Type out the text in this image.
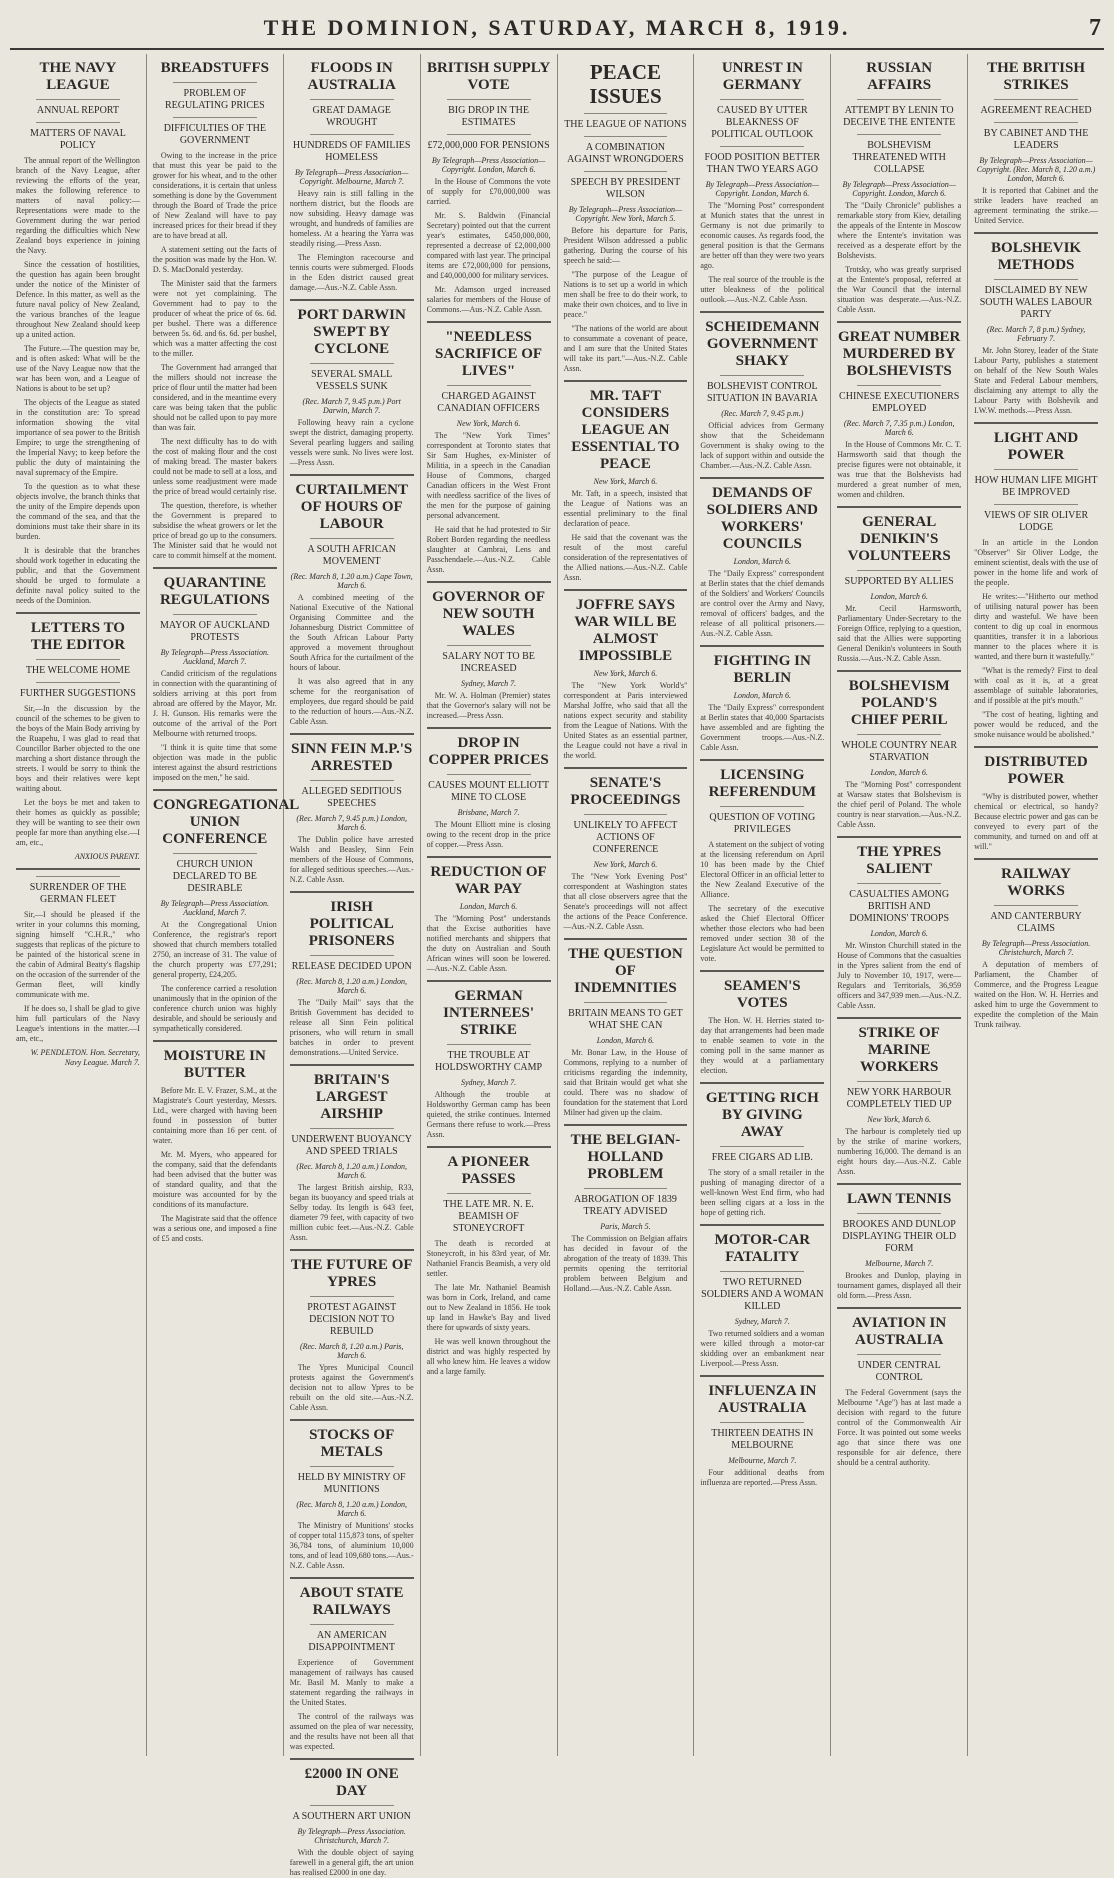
THE DOMINION, SATURDAY, MARCH 8, 1919.	7
THE NAVY LEAGUE
ANNUAL REPORT
MATTERS OF NAVAL POLICY

The annual report of the Wellington branch of the Navy League, after reviewing the efforts of the year, makes the following reference to matters of naval policy:—Representations were made to the Government during the war period regarding the difficulties which New Zealand boys experience in joining the Navy.

Since the cessation of hostilities, the question has again been brought under the notice of the Minister of Defence. In this matter, as well as the future naval policy of New Zealand, the various branches of the league throughout New Zealand should keep up a united action.

The Future.—The question may be, and is often asked: What will be the use of the Navy League now that the war has been won, and a League of Nations is about to be set up?

The objects of the League as stated in the constitution are: To spread information showing the vital importance of sea power to the British Empire; to urge the strengthening of the Imperial Navy; to keep before the public the duty of maintaining the naval supremacy of the Empire.

To the question as to what these objects involve, the branch thinks that the unity of the Empire depends upon the command of the sea, and that the dominions must take their share in its burden.

It is desirable that the branches should work together in educating the public, and that the Government should be urged to formulate a definite naval policy suited to the needs of the Dominion.

LETTERS TO THE EDITOR
THE WELCOME HOME
FURTHER SUGGESTIONS

Sir,—In the discussion by the council of the schemes to be given to the boys of the Main Body arriving by the Ruapehu, I was glad to read that Councillor Barber objected to the one marching a short distance through the streets. I would be sorry to think the boys and their relatives were kept waiting about.

Let the boys be met and taken to their homes as quickly as possible; they will be wanting to see their own people far more than anything else.—I am, etc.,

ANXIOUS PARENT.
SURRENDER OF THE GERMAN FLEET

Sir,—I should be pleased if the writer in your columns this morning, signing himself "C.H.R.," who suggests that replicas of the picture to be painted of the historical scene in the cabin of Admiral Beatty's flagship on the occasion of the surrender of the German fleet, will kindly communicate with me.

If he does so, I shall be glad to give him full particulars of the Navy League's intentions in the matter.—I am, etc.,

W. PENDLETON. Hon. Secretary, Navy League. March 7.
BREADSTUFFS
PROBLEM OF REGULATING PRICES
DIFFICULTIES OF THE GOVERNMENT

Owing to the increase in the price that must this year be paid to the grower for his wheat, and to the other considerations, it is certain that unless something is done by the Government through the Board of Trade the price of New Zealand will have to pay increased prices for their bread if they are to have bread at all.

A statement setting out the facts of the position was made by the Hon. W. D. S. MacDonald yesterday.

The Minister said that the farmers were not yet complaining. The Government had to pay to the producer of wheat the price of 6s. 6d. per bushel. There was a difference between 5s. 6d. and 6s. 6d. per bushel, which was a matter affecting the cost to the miller.

The Government had arranged that the millers should not increase the price of flour until the matter had been considered, and in the meantime every care was being taken that the public should not be called upon to pay more than was fair.

The next difficulty has to do with the cost of making flour and the cost of making bread. The master bakers could not be made to sell at a loss, and unless some readjustment were made the price of bread would certainly rise.

The question, therefore, is whether the Government is prepared to subsidise the wheat growers or let the price of bread go up to the consumers. The Minister said that he would not care to commit himself at the moment.

QUARANTINE REGULATIONS
MAYOR OF AUCKLAND PROTESTS
By Telegraph—Press Association. Auckland, March 7.

Candid criticism of the regulations in connection with the quarantining of soldiers arriving at this port from abroad are offered by the Mayor, Mr. J. H. Gunson. His remarks were the outcome of the arrival of the Port Melbourne with returned troops.

"I think it is quite time that some objection was made in the public interest against the absurd restrictions imposed on the men," he said.

CONGREGATIONAL UNION CONFERENCE
CHURCH UNION DECLARED TO BE DESIRABLE
By Telegraph—Press Association. Auckland, March 7.

At the Congregational Union Conference, the registrar's report showed that church members totalled 2750, an increase of 31. The value of the church property was £77,291; general property, £24,205.

The conference carried a resolution unanimously that in the opinion of the conference church union was highly desirable, and should be seriously and sympathetically considered.

MOISTURE IN BUTTER

Before Mr. E. V. Frazer, S.M., at the Magistrate's Court yesterday, Messrs. Ltd., were charged with having been found in possession of butter containing more than 16 per cent. of water.

Mr. M. Myers, who appeared for the company, said that the defendants had been advised that the butter was of standard quality, and that the moisture was accounted for by the conditions of its manufacture.

The Magistrate said that the offence was a serious one, and imposed a fine of £5 and costs.

FLOODS IN AUSTRALIA
GREAT DAMAGE WROUGHT
HUNDREDS OF FAMILIES HOMELESS
By Telegraph—Press Association—Copyright. Melbourne, March 7.

Heavy rain is still falling in the northern district, but the floods are now subsiding. Heavy damage was wrought, and hundreds of families are homeless. At a hearing the Yarra was steadily rising.—Press Assn.

The Flemington racecourse and tennis courts were submerged. Floods in the Eden district caused great damage.—Aus.-N.Z. Cable Assn.

PORT DARWIN SWEPT BY CYCLONE
SEVERAL SMALL VESSELS SUNK
(Rec. March 7, 9.45 p.m.) Port Darwin, March 7.

Following heavy rain a cyclone swept the district, damaging property. Several pearling luggers and sailing vessels were sunk. No lives were lost.—Press Assn.

CURTAILMENT OF HOURS OF LABOUR
A SOUTH AFRICAN MOVEMENT
(Rec. March 8, 1.20 a.m.) Cape Town, March 6.

A combined meeting of the National Executive of the National Organising Committee and the Johannesburg District Committee of the South African Labour Party approved a movement throughout South Africa for the curtailment of the hours of labour.

It was also agreed that in any scheme for the reorganisation of employees, due regard should be paid to the reduction of hours.—Aus.-N.Z. Cable Assn.

SINN FEIN M.P.'S ARRESTED
ALLEGED SEDITIOUS SPEECHES
(Rec. March 7, 9.45 p.m.) London, March 6.

The Dublin police have arrested Walsh and Beasley, Sinn Fein members of the House of Commons, for alleged seditious speeches.—Aus.-N.Z. Cable Assn.

IRISH POLITICAL PRISONERS
RELEASE DECIDED UPON
(Rec. March 8, 1.20 a.m.) London, March 6.

The "Daily Mail" says that the British Government has decided to release all Sinn Fein political prisoners, who will return in small batches in order to prevent demonstrations.—United Service.

BRITAIN'S LARGEST AIRSHIP
UNDERWENT BUOYANCY AND SPEED TRIALS
(Rec. March 8, 1.20 a.m.) London, March 6.

The largest British airship, R33, began its buoyancy and speed trials at Selby today. Its length is 643 feet, diameter 79 feet, with capacity of two million cubic feet.—Aus.-N.Z. Cable Assn.

THE FUTURE OF YPRES
PROTEST AGAINST DECISION NOT TO REBUILD
(Rec. March 8, 1.20 a.m.) Paris, March 6.

The Ypres Municipal Council protests against the Government's decision not to allow Ypres to be rebuilt on the old site.—Aus.-N.Z. Cable Assn.

STOCKS OF METALS
HELD BY MINISTRY OF MUNITIONS
(Rec. March 8, 1.20 a.m.) London, March 6.

The Ministry of Munitions' stocks of copper total 115,873 tons, of spelter 36,784 tons, of aluminium 10,000 tons, and of lead 109,680 tons.—Aus.-N.Z. Cable Assn.

ABOUT STATE RAILWAYS
AN AMERICAN DISAPPOINTMENT

Experience of Government management of railways has caused Mr. Basil M. Manly to make a statement regarding the railways in the United States.

The control of the railways was assumed on the plea of war necessity, and the results have not been all that was expected.

£2000 IN ONE DAY
A SOUTHERN ART UNION
By Telegraph—Press Association. Christchurch, March 7.

With the double object of saying farewell in a general gift, the art union has realised £2000 in one day.

BRITISH SUPPLY VOTE
BIG DROP IN THE ESTIMATES
£72,000,000 FOR PENSIONS
By Telegraph—Press Association—Copyright. London, March 6.

In the House of Commons the vote of supply for £70,000,000 was carried.

Mr. S. Baldwin (Financial Secretary) pointed out that the current year's estimates, £450,000,000, represented a decrease of £2,000,000 compared with last year. The principal items are £72,000,000 for pensions, and £40,000,000 for military services.

Mr. Adamson urged increased salaries for members of the House of Commons.—Aus.-N.Z. Cable Assn.

"NEEDLESS SACRIFICE OF LIVES"
CHARGED AGAINST CANADIAN OFFICERS
New York, March 6.

The "New York Times" correspondent at Toronto states that Sir Sam Hughes, ex-Minister of Militia, in a speech in the Canadian House of Commons, charged Canadian officers in the West Front with needless sacrifice of the lives of the men for the purpose of gaining personal advancement.

He said that he had protested to Sir Robert Borden regarding the needless slaughter at Cambrai, Lens and Passchendaele.—Aus.-N.Z. Cable Assn.

GOVERNOR OF NEW SOUTH WALES
SALARY NOT TO BE INCREASED
Sydney, March 7.

Mr. W. A. Holman (Premier) states that the Governor's salary will not be increased.—Press Assn.

DROP IN COPPER PRICES
CAUSES MOUNT ELLIOTT MINE TO CLOSE
Brisbane, March 7.

The Mount Elliott mine is closing owing to the recent drop in the price of copper.—Press Assn.

REDUCTION OF WAR PAY
London, March 6.

The "Morning Post" understands that the Excise authorities have notified merchants and shippers that the duty on Australian and South African wines will soon be lowered.—Aus.-N.Z. Cable Assn.

GERMAN INTERNEES' STRIKE
THE TROUBLE AT HOLDSWORTHY CAMP
Sydney, March 7.

Although the trouble at Holdsworthy German camp has been quieted, the strike continues. Interned Germans there refuse to work.—Press Assn.

A PIONEER PASSES
THE LATE MR. N. E. BEAMISH OF STONEYCROFT

The death is recorded at Stoneycroft, in his 83rd year, of Mr. Nathaniel Francis Beamish, a very old settler.

The late Mr. Nathaniel Beamish was born in Cork, Ireland, and came out to New Zealand in 1856. He took up land in Hawke's Bay and lived there for upwards of sixty years.

He was well known throughout the district and was highly respected by all who knew him. He leaves a widow and a large family.

PEACE ISSUES
THE LEAGUE OF NATIONS
A COMBINATION AGAINST WRONGDOERS
SPEECH BY PRESIDENT WILSON
By Telegraph—Press Association—Copyright. New York, March 5.

Before his departure for Paris, President Wilson addressed a public gathering. During the course of his speech he said:—

"The purpose of the League of Nations is to set up a world in which men shall be free to do their work, to make their own choices, and to live in peace."

"The nations of the world are about to consummate a covenant of peace, and I am sure that the United States will take its part."—Aus.-N.Z. Cable Assn.

MR. TAFT CONSIDERS LEAGUE AN ESSENTIAL TO PEACE
New York, March 6.

Mr. Taft, in a speech, insisted that the League of Nations was an essential preliminary to the final declaration of peace.

He said that the covenant was the result of the most careful consideration of the representatives of the Allied nations.—Aus.-N.Z. Cable Assn.

JOFFRE SAYS WAR WILL BE ALMOST IMPOSSIBLE
New York, March 6.

The "New York World's" correspondent at Paris interviewed Marshal Joffre, who said that all the nations expect security and stability from the League of Nations. With the United States as an essential partner, the League could not have a rival in the world.

SENATE'S PROCEEDINGS
UNLIKELY TO AFFECT ACTIONS OF CONFERENCE
New York, March 6.

The "New York Evening Post" correspondent at Washington states that all close observers agree that the Senate's proceedings will not affect the actions of the Peace Conference.—Aus.-N.Z. Cable Assn.

THE QUESTION OF INDEMNITIES
BRITAIN MEANS TO GET WHAT SHE CAN
London, March 6.

Mr. Bonar Law, in the House of Commons, replying to a number of criticisms regarding the indemnity, said that Britain would get what she could. There was no shadow of foundation for the statement that Lord Milner had given up the claim.

THE BELGIAN-HOLLAND PROBLEM
ABROGATION OF 1839 TREATY ADVISED
Paris, March 5.

The Commission on Belgian affairs has decided in favour of the abrogation of the treaty of 1839. This permits opening the territorial problem between Belgium and Holland.—Aus.-N.Z. Cable Assn.

UNREST IN GERMANY
CAUSED BY UTTER BLEAKNESS OF POLITICAL OUTLOOK
FOOD POSITION BETTER THAN TWO YEARS AGO
By Telegraph—Press Association—Copyright. London, March 6.

The "Morning Post" correspondent at Munich states that the unrest in Germany is not due primarily to economic causes. As regards food, the general position is that the Germans are better off than they were two years ago.

The real source of the trouble is the utter bleakness of the political outlook.—Aus.-N.Z. Cable Assn.

SCHEIDEMANN GOVERNMENT SHAKY
BOLSHEVIST CONTROL SITUATION IN BAVARIA
(Rec. March 7, 9.45 p.m.)

Official advices from Germany show that the Scheidemann Government is shaky owing to the lack of support within and outside the Chamber.—Aus.-N.Z. Cable Assn.

DEMANDS OF SOLDIERS AND WORKERS' COUNCILS
London, March 6.

The "Daily Express" correspondent at Berlin states that the chief demands of the Soldiers' and Workers' Councils are control over the Army and Navy, removal of officers' badges, and the release of all political prisoners.—Aus.-N.Z. Cable Assn.

FIGHTING IN BERLIN
London, March 6.

The "Daily Express" correspondent at Berlin states that 40,000 Spartacists have assembled and are fighting the Government troops.—Aus.-N.Z. Cable Assn.

LICENSING REFERENDUM
QUESTION OF VOTING PRIVILEGES

A statement on the subject of voting at the licensing referendum on April 10 has been made by the Chief Electoral Officer in an official letter to the New Zealand Executive of the Alliance.

The secretary of the executive asked the Chief Electoral Officer whether those electors who had been removed under section 38 of the Legislature Act would be permitted to vote.

SEAMEN'S VOTES

The Hon. W. H. Herries stated to-day that arrangements had been made to enable seamen to vote in the coming poll in the same manner as they would at a parliamentary election.

GETTING RICH BY GIVING AWAY
FREE CIGARS AD LIB.

The story of a small retailer in the pushing of managing director of a well-known West End firm, who had been selling cigars at a loss in the hope of getting rich.

MOTOR-CAR FATALITY
TWO RETURNED SOLDIERS AND A WOMAN KILLED
Sydney, March 7.

Two returned soldiers and a woman were killed through a motor-car skidding over an embankment near Liverpool.—Press Assn.

INFLUENZA IN AUSTRALIA
THIRTEEN DEATHS IN MELBOURNE
Melbourne, March 7.

Four additional deaths from influenza are reported.—Press Assn.

RUSSIAN AFFAIRS
ATTEMPT BY LENIN TO DECEIVE THE ENTENTE
BOLSHEVISM THREATENED WITH COLLAPSE
By Telegraph—Press Association—Copyright. London, March 6.

The "Daily Chronicle" publishes a remarkable story from Kiev, detailing the appeals of the Entente in Moscow where the Entente's invitation was received as a desperate effort by the Bolshevists.

Trotsky, who was greatly surprised at the Entente's proposal, referred at the War Council that the internal situation was desperate.—Aus.-N.Z. Cable Assn.

GREAT NUMBER MURDERED BY BOLSHEVISTS
CHINESE EXECUTIONERS EMPLOYED
(Rec. March 7, 7.35 p.m.) London, March 6.

In the House of Commons Mr. C. T. Harmsworth said that though the precise figures were not obtainable, it was true that the Bolshevists had murdered a great number of men, women and children.

GENERAL DENIKIN'S VOLUNTEERS
SUPPORTED BY ALLIES
London, March 6.

Mr. Cecil Harmsworth, Parliamentary Under-Secretary to the Foreign Office, replying to a question, said that the Allies were supporting General Denikin's volunteers in South Russia.—Aus.-N.Z. Cable Assn.

BOLSHEVISM POLAND'S CHIEF PERIL
WHOLE COUNTRY NEAR STARVATION
London, March 6.

The "Morning Post" correspondent at Warsaw states that Bolshevism is the chief peril of Poland. The whole country is near starvation.—Aus.-N.Z. Cable Assn.

THE YPRES SALIENT
CASUALTIES AMONG BRITISH AND DOMINIONS' TROOPS
London, March 6.

Mr. Winston Churchill stated in the House of Commons that the casualties in the Ypres salient from the end of July to November 10, 1917, were—Regulars and Territorials, 36,959 officers and 347,939 men.—Aus.-N.Z. Cable Assn.

STRIKE OF MARINE WORKERS
NEW YORK HARBOUR COMPLETELY TIED UP
New York, March 6.

The harbour is completely tied up by the strike of marine workers, numbering 16,000. The demand is an eight hours day.—Aus.-N.Z. Cable Assn.

LAWN TENNIS
BROOKES AND DUNLOP DISPLAYING THEIR OLD FORM
Melbourne, March 7.

Brookes and Dunlop, playing in tournament games, displayed all their old form.—Press Assn.

AVIATION IN AUSTRALIA
UNDER CENTRAL CONTROL

The Federal Government (says the Melbourne "Age") has at last made a decision with regard to the future control of the Commonwealth Air Force. It was pointed out some weeks ago that since there was one responsible for air defence, there should be a central authority.

THE BRITISH STRIKES
AGREEMENT REACHED
BY CABINET AND THE LEADERS
By Telegraph—Press Association—Copyright. (Rec. March 8, 1.20 a.m.) London, March 6.

It is reported that Cabinet and the strike leaders have reached an agreement terminating the strike.—United Service.

BOLSHEVIK METHODS
DISCLAIMED BY NEW SOUTH WALES LABOUR PARTY
(Rec. March 7, 8 p.m.) Sydney, February 7.

Mr. John Storey, leader of the State Labour Party, publishes a statement on behalf of the New South Wales State and Federal Labour members, disclaiming any attempt to ally the Labour Party with Bolshevik and I.W.W. methods.—Press Assn.

LIGHT AND POWER
HOW HUMAN LIFE MIGHT BE IMPROVED
VIEWS OF SIR OLIVER LODGE

In an article in the London "Observer" Sir Oliver Lodge, the eminent scientist, deals with the use of power in the home life and work of the people.

He writes:—"Hitherto our method of utilising natural power has been dirty and wasteful. We have been content to dig up coal in enormous quantities, transfer it in a laborious manner to the places where it is wanted, and there burn it wastefully."

"What is the remedy? First to deal with coal as it is, at a great assemblage of suitable laboratories, and if possible at the pit's mouth."

"The cost of heating, lighting and power would be reduced, and the smoke nuisance would be abolished."

DISTRIBUTED POWER

"Why is distributed power, whether chemical or electrical, so handy? Because electric power and gas can be conveyed to every part of the community, and turned on and off at will."

RAILWAY WORKS
AND CANTERBURY CLAIMS
By Telegraph—Press Association. Christchurch, March 7.

A deputation of members of Parliament, the Chamber of Commerce, and the Progress League waited on the Hon. W. H. Herries and asked him to urge the Government to expedite the completion of the Main Trunk railway.
